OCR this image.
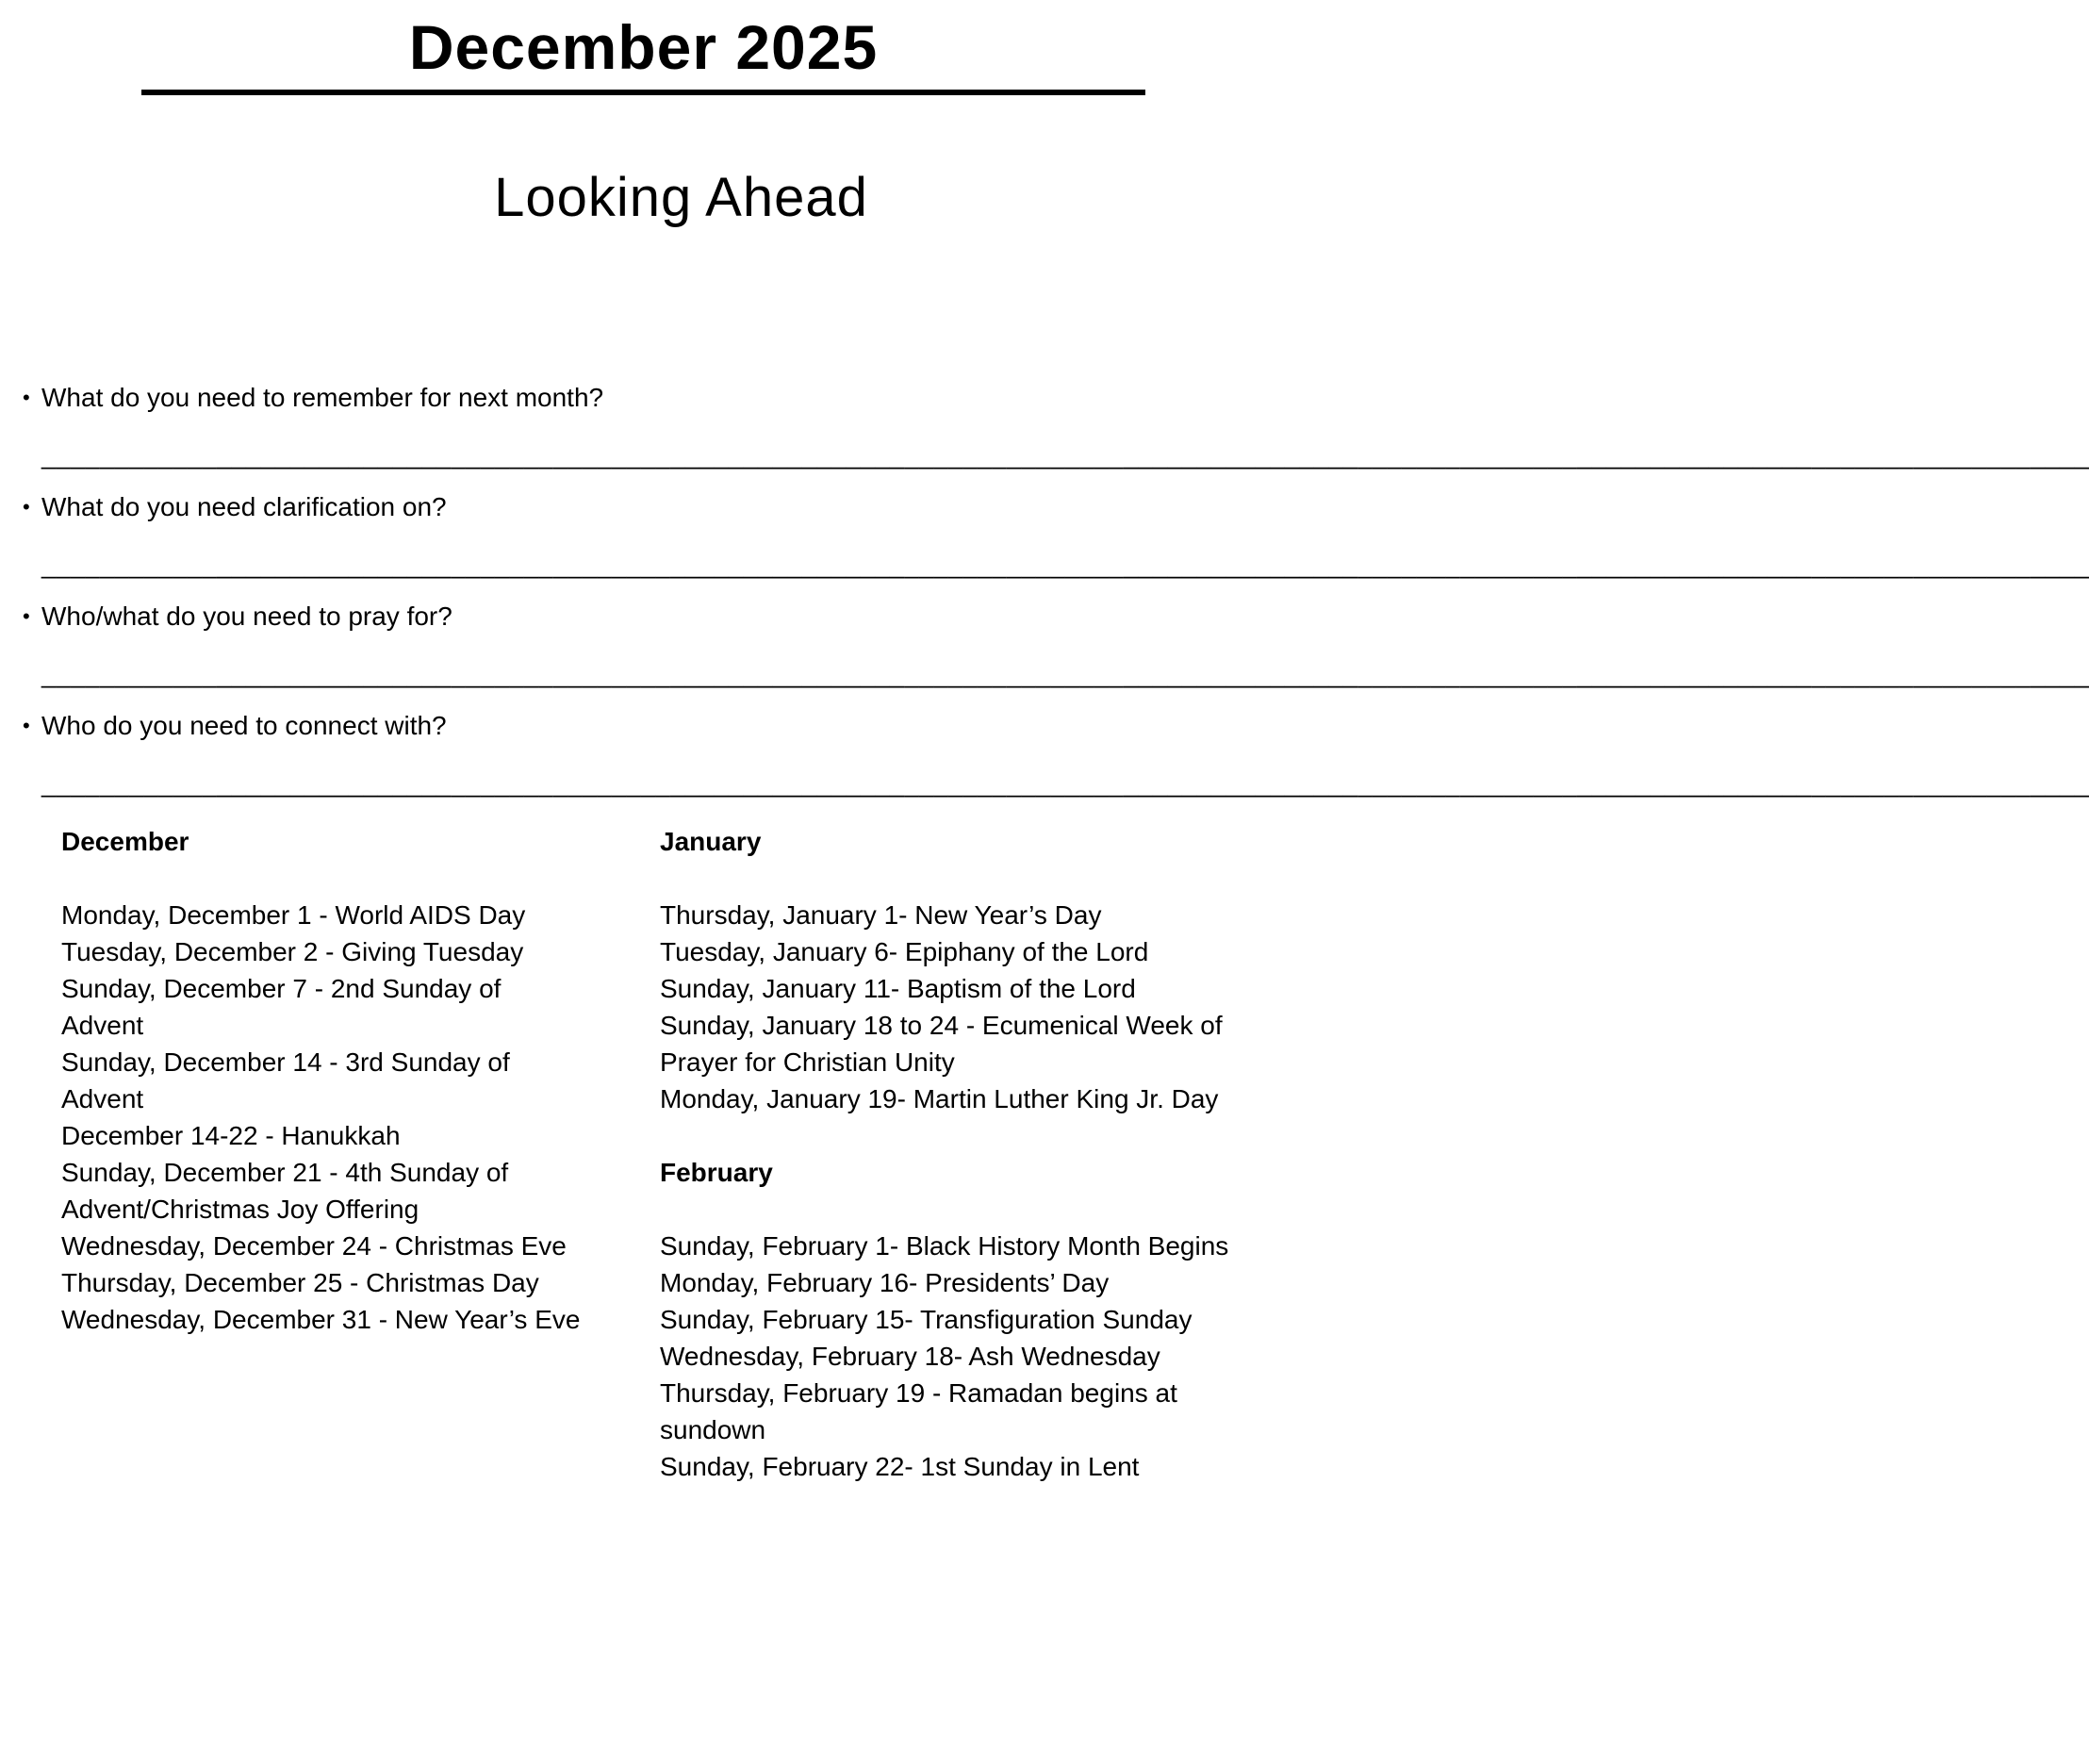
December 2025
Looking Ahead
• What do you need to remember for next month?
____________________________________________________________________________________________________________________________________________
• What do you need clarification on?
____________________________________________________________________________________________________________________________________________
• Who/what do you need to pray for?
____________________________________________________________________________________________________________________________________________
• Who do you need to connect with?
____________________________________________________________________________________________________________________________________________
December
Monday, December 1 - World AIDS Day
Tuesday, December 2 - Giving Tuesday
Sunday, December 7 - 2nd Sunday of
Advent
Sunday, December 14 - 3rd Sunday of
Advent
December 14-22 - Hanukkah
Sunday, December 21 - 4th Sunday of
Advent/Christmas Joy Offering
Wednesday, December 24 - Christmas Eve
Thursday, December 25 - Christmas Day
Wednesday, December 31 - New Year’s Eve
January
Thursday, January 1- New Year’s Day
Tuesday, January 6- Epiphany of the Lord
Sunday, January 11- Baptism of the Lord
Sunday, January 18 to 24 - Ecumenical Week of
Prayer for Christian Unity
Monday, January 19- Martin Luther King Jr. Day
February
Sunday, February 1- Black History Month Begins
Monday, February 16- Presidents’ Day
Sunday, February 15- Transfiguration Sunday
Wednesday, February 18- Ash Wednesday
Thursday, February 19 - Ramadan begins at
sundown
Sunday, February 22- 1st Sunday in Lent
